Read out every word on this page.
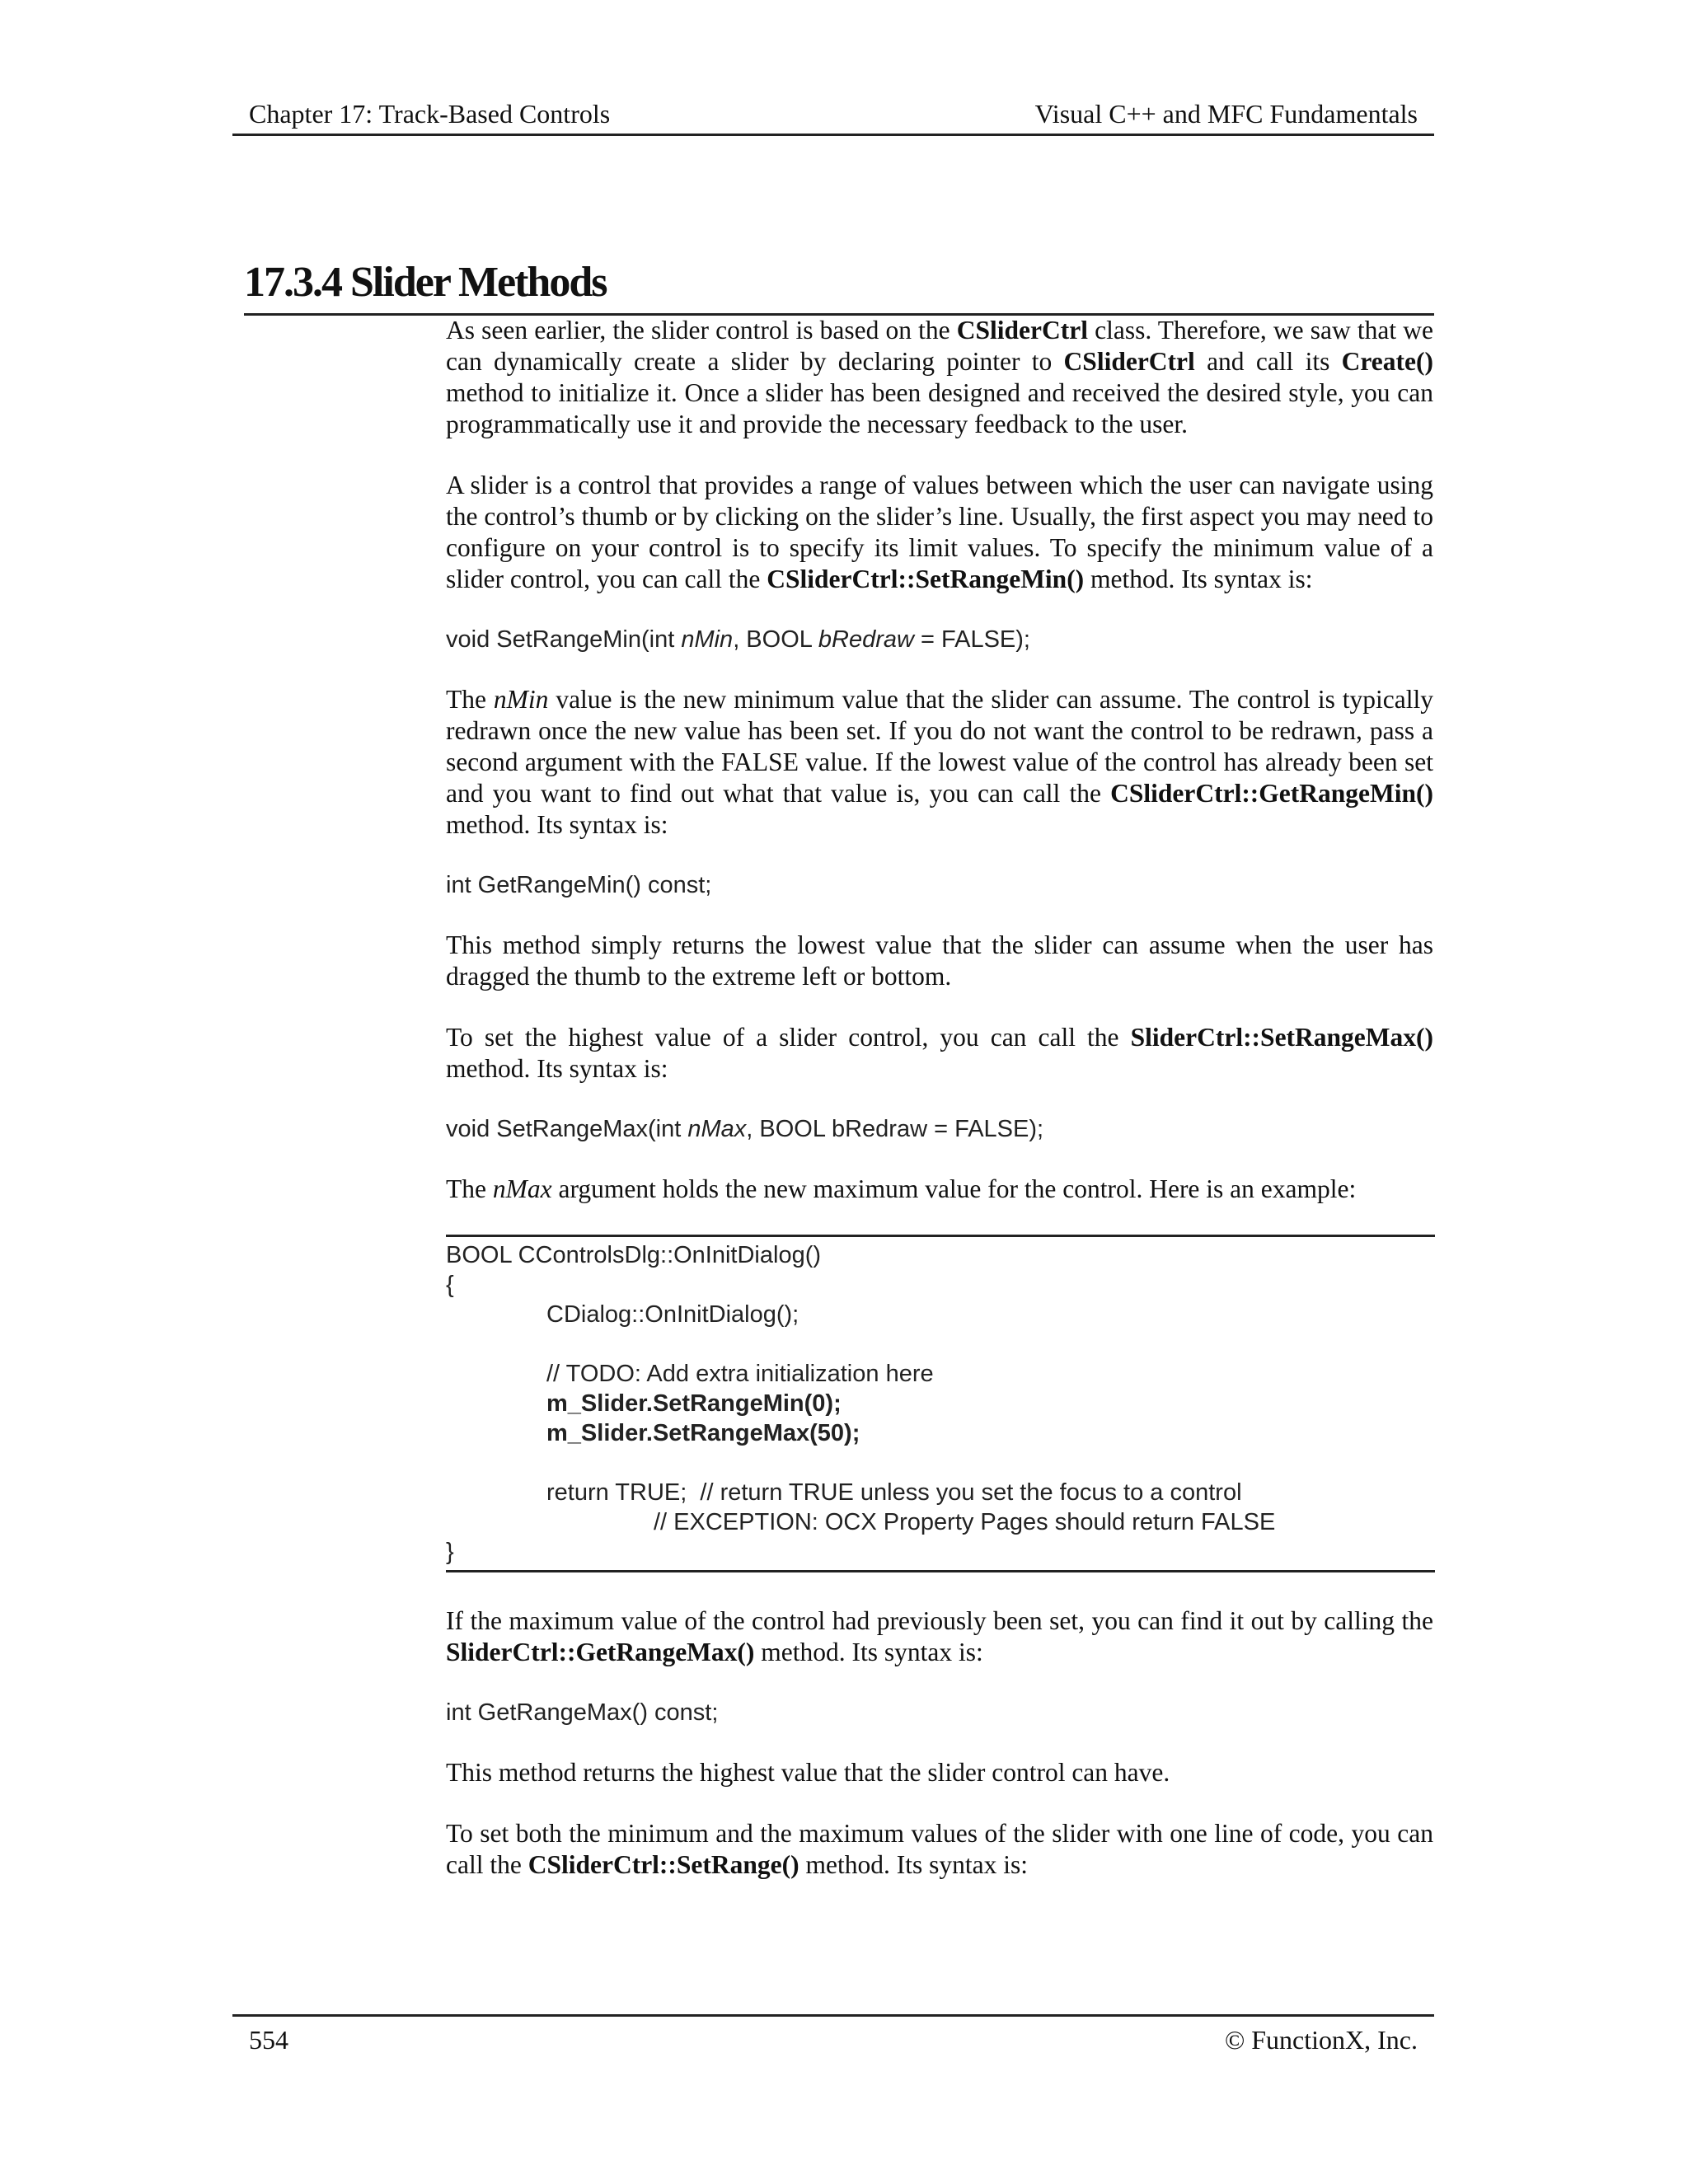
Chapter 17: Track-Based Controls	Visual C++ and MFC Fundamentals
17.3.4 Slider Methods

As seen earlier, the slider control is based on the CSliderCtrl class. Therefore, we saw that we can dynamically create a slider by declaring pointer to CSliderCtrl and call its Create() method to initialize it. Once a slider has been designed and received the desired style, you can programmatically use it and provide the necessary feedback to the user.

A slider is a control that provides a range of values between which the user can navigate using the control’s thumb or by clicking on the slider’s line. Usually, the first aspect you may need to configure on your control is to specify its limit values. To specify the minimum value of a slider control, you can call the CSliderCtrl::SetRangeMin() method. Its syntax is:

void SetRangeMin(int nMin, BOOL bRedraw = FALSE);

The nMin value is the new minimum value that the slider can assume. The control is typically redrawn once the new value has been set. If you do not want the control to be redrawn, pass a second argument with the FALSE value. If the lowest value of the control has already been set and you want to find out what that value is, you can call the CSliderCtrl::GetRangeMin() method. Its syntax is:

int GetRangeMin() const;

This method simply returns the lowest value that the slider can assume when the user has dragged the thumb to the extreme left or bottom.

To set the highest value of a slider control, you can call the SliderCtrl::SetRangeMax() method. Its syntax is:

void SetRangeMax(int nMax, BOOL bRedraw = FALSE);

The nMax argument holds the new maximum value for the control. Here is an example:

BOOL CControlsDlg::OnInitDialog()
{
CDialog::OnInitDialog();
// TODO: Add extra initialization here
m_Slider.SetRangeMin(0);
m_Slider.SetRangeMax(50);
return TRUE;  // return TRUE unless you set the focus to a control
// EXCEPTION: OCX Property Pages should return FALSE
}

If the maximum value of the control had previously been set, you can find it out by calling the SliderCtrl::GetRangeMax() method. Its syntax is:

int GetRangeMax() const;

This method returns the highest value that the slider control can have.

To set both the minimum and the maximum values of the slider with one line of code, you can call the CSliderCtrl::SetRange() method. Its syntax is:

554	© FunctionX, Inc.
